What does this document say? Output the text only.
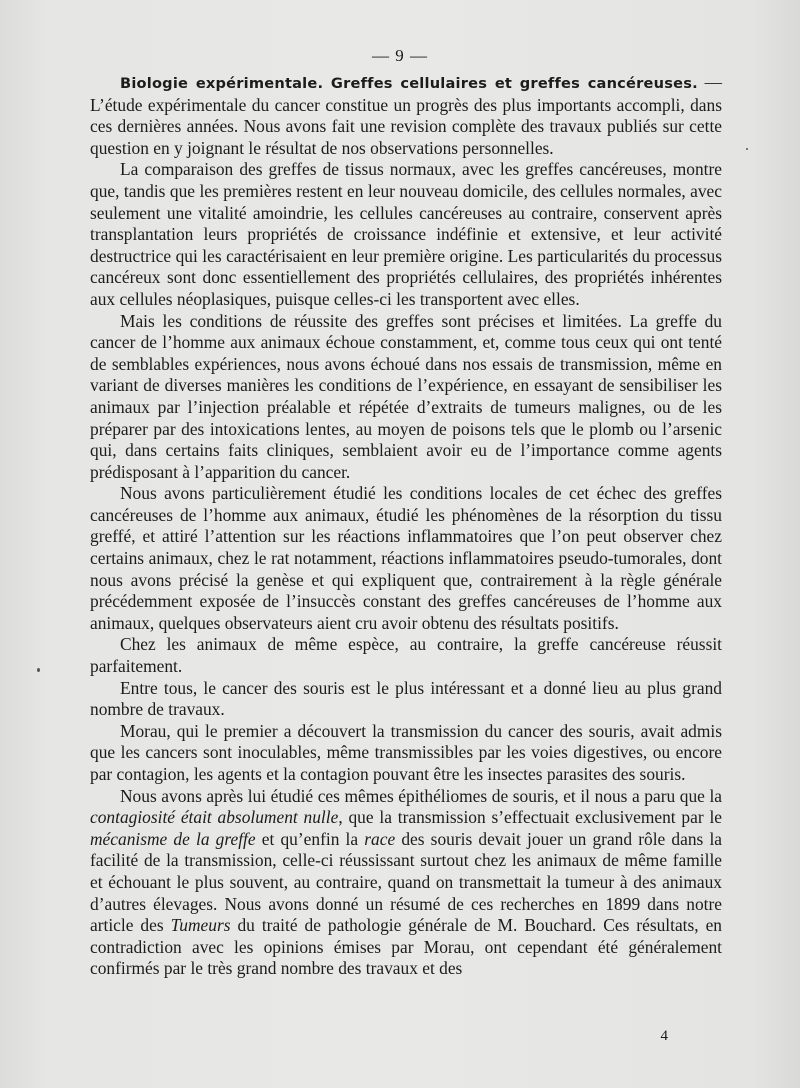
— 9 —

Biologie expérimentale. Greffes cellulaires et greffes cancéreuses. — L’étude expérimentale du cancer constitue un progrès des plus importants accompli, dans ces dernières années. Nous avons fait une revision complète des travaux publiés sur cette question en y joignant le résultat de nos observations personnelles.

La comparaison des greffes de tissus normaux, avec les greffes cancéreuses, montre que, tandis que les premières restent en leur nouveau domicile, des cellules normales, avec seulement une vitalité amoindrie, les cellules cancéreuses au contraire, conservent après transplantation leurs propriétés de croissance indéfinie et extensive, et leur activité destructrice qui les caractérisaient en leur première origine. Les particularités du processus cancéreux sont donc essentiellement des propriétés cellulaires, des propriétés inhérentes aux cellules néoplasiques, puisque celles-ci les transportent avec elles.

Mais les conditions de réussite des greffes sont précises et limitées. La greffe du cancer de l’homme aux animaux échoue constamment, et, comme tous ceux qui ont tenté de semblables expériences, nous avons échoué dans nos essais de transmission, même en variant de diverses manières les conditions de l’expérience, en essayant de sensibiliser les animaux par l’injection préalable et répétée d’extraits de tumeurs malignes, ou de les préparer par des intoxications lentes, au moyen de poisons tels que le plomb ou l’arsenic qui, dans certains faits cliniques, semblaient avoir eu de l’importance comme agents prédisposant à l’apparition du cancer.

Nous avons particulièrement étudié les conditions locales de cet échec des greffes cancéreuses de l’homme aux animaux, étudié les phénomènes de la résorption du tissu greffé, et attiré l’attention sur les réactions inflammatoires que l’on peut observer chez certains animaux, chez le rat notamment, réactions inflammatoires pseudo-tumorales, dont nous avons précisé la genèse et qui expliquent que, contrairement à la règle générale précédemment exposée de l’insuccès constant des greffes cancéreuses de l’homme aux animaux, quelques observateurs aient cru avoir obtenu des résultats positifs.

Chez les animaux de même espèce, au contraire, la greffe cancéreuse réussit parfaitement.

Entre tous, le cancer des souris est le plus intéressant et a donné lieu au plus grand nombre de travaux.

Morau, qui le premier a découvert la transmission du cancer des souris, avait admis que les cancers sont inoculables, même transmissibles par les voies digestives, ou encore par contagion, les agents et la contagion pouvant être les insectes parasites des souris.

Nous avons après lui étudié ces mêmes épithéliomes de souris, et il nous a paru que la contagiosité était absolument nulle, que la transmission s’effectuait exclusivement par le mécanisme de la greffe et qu’enfin la race des souris devait jouer un grand rôle dans la facilité de la transmission, celle-ci réussissant surtout chez les animaux de même famille et échouant le plus souvent, au contraire, quand on transmettait la tumeur à des animaux d’autres élevages. Nous avons donné un résumé de ces recherches en 1899 dans notre article des Tumeurs du traité de pathologie générale de M. Bouchard. Ces résultats, en contradiction avec les opinions émises par Morau, ont cependant été généralement confirmés par le très grand nombre des travaux et des

4
